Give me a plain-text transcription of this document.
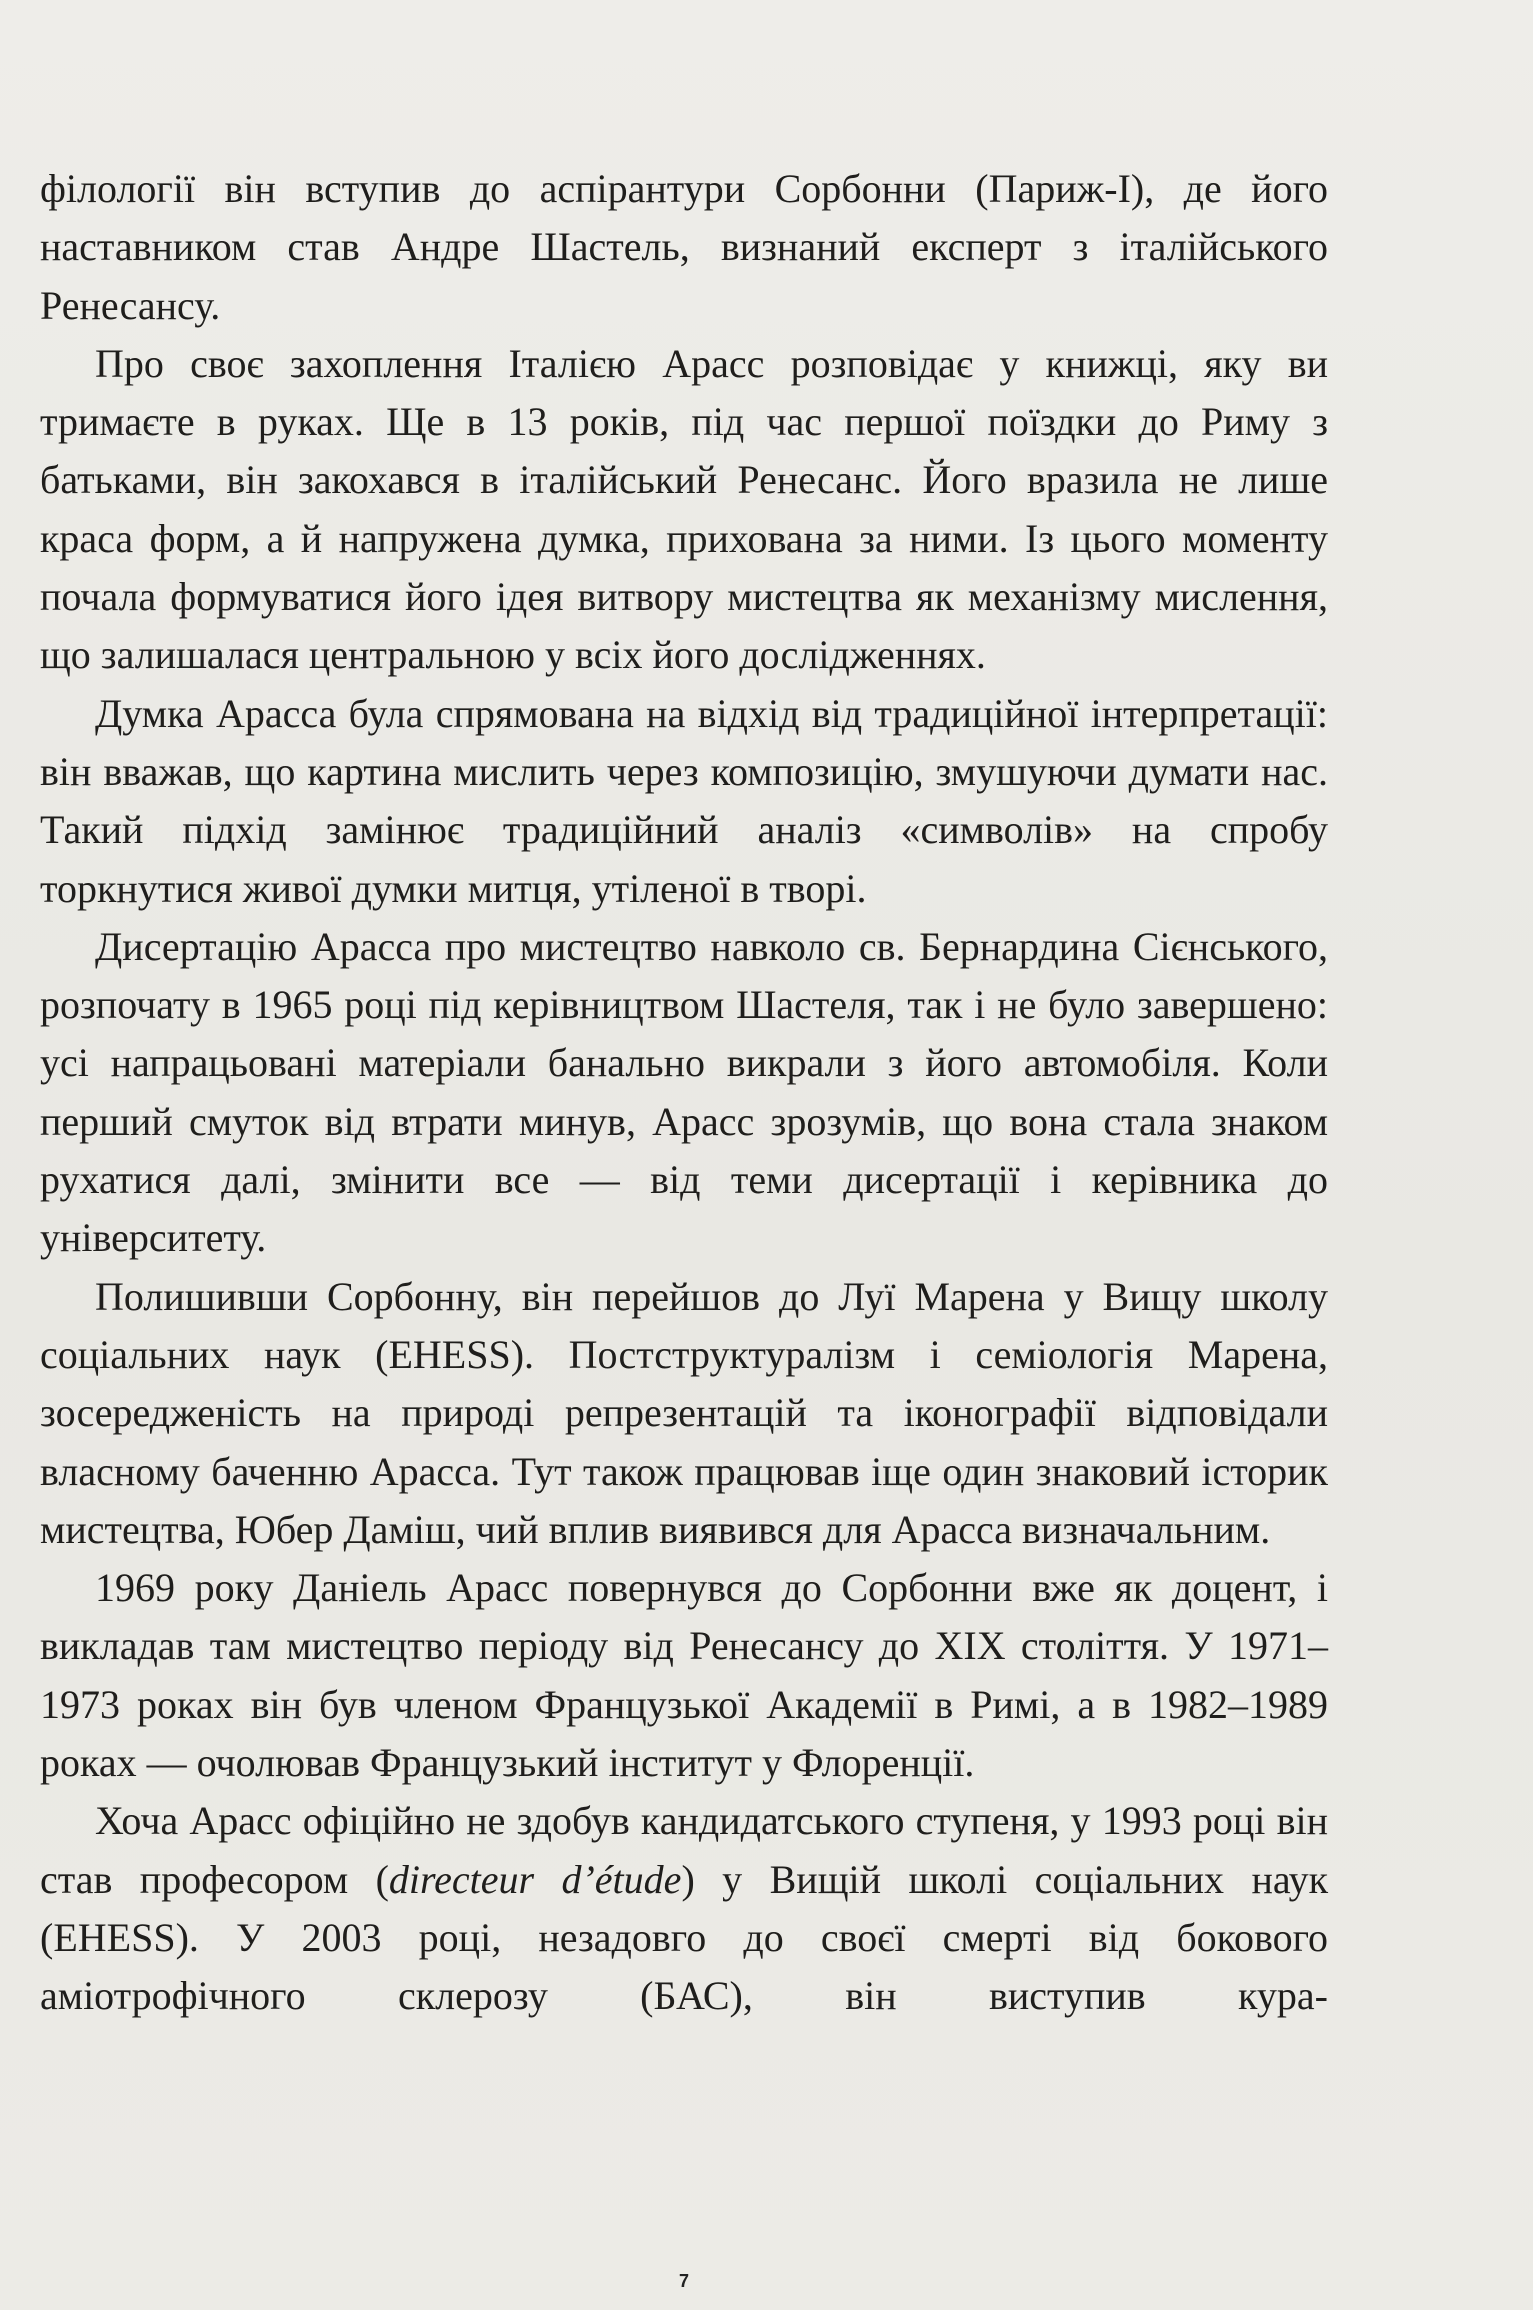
філології він вступив до аспірантури Сорбонни (Париж-I), де його наставником став Андре Шастель, визнаний експерт з італійського Ренесансу.

Про своє захоплення Італією Арасс розповідає у книжці, яку ви тримаєте в руках. Ще в 13 років, під час першої поїздки до Риму з батьками, він закохався в італійський Ренесанс. Його вразила не лише краса форм, а й напружена думка, прихована за ними. Із цього моменту почала формуватися його ідея витвору мистецтва як механізму мислення, що залишалася центральною у всіх його дослідженнях.

Думка Арасса була спрямована на відхід від традиційної інтерпретації: він вважав, що картина мислить через композицію, змушуючи думати нас. Такий підхід замінює традиційний аналіз «символів» на спробу торкнутися живої думки митця, утіленої в творі.

Дисертацію Арасса про мистецтво навколо св. Бернардина Сієнського, розпочату в 1965 році під керівництвом Шастеля, так і не було завершено: усі напрацьовані матеріали банально викрали з його автомобіля. Коли перший смуток від втрати минув, Арасс зрозумів, що вона стала знаком рухатися далі, змінити все — від теми дисертації і керівника до університету.

Полишивши Сорбонну, він перейшов до Луї Марена у Вищу школу соціальних наук (EHESS). Постструктуралізм і семіологія Марена, зосередженість на природі репрезентацій та іконографії відповідали власному баченню Арасса. Тут також працював іще один знаковий історик мистецтва, Юбер Даміш, чий вплив виявився для Арасса визначальним.

1969 року Даніель Арасс повернувся до Сорбонни вже як доцент, і викладав там мистецтво періоду від Ренесансу до XIX століття. У 1971–1973 роках він був членом Французької Академії в Римі, а в 1982–1989 роках — очолював Французький інститут у Флоренції.

Хоча Арасс офіційно не здобув кандидатського ступеня, у 1993 році він став професором (directeur d’étude) у Вищій школі соціальних наук (EHESS). У 2003 році, незадовго до своєї смерті від бокового аміотрофічного склерозу (БАС), він виступив кура-

7
